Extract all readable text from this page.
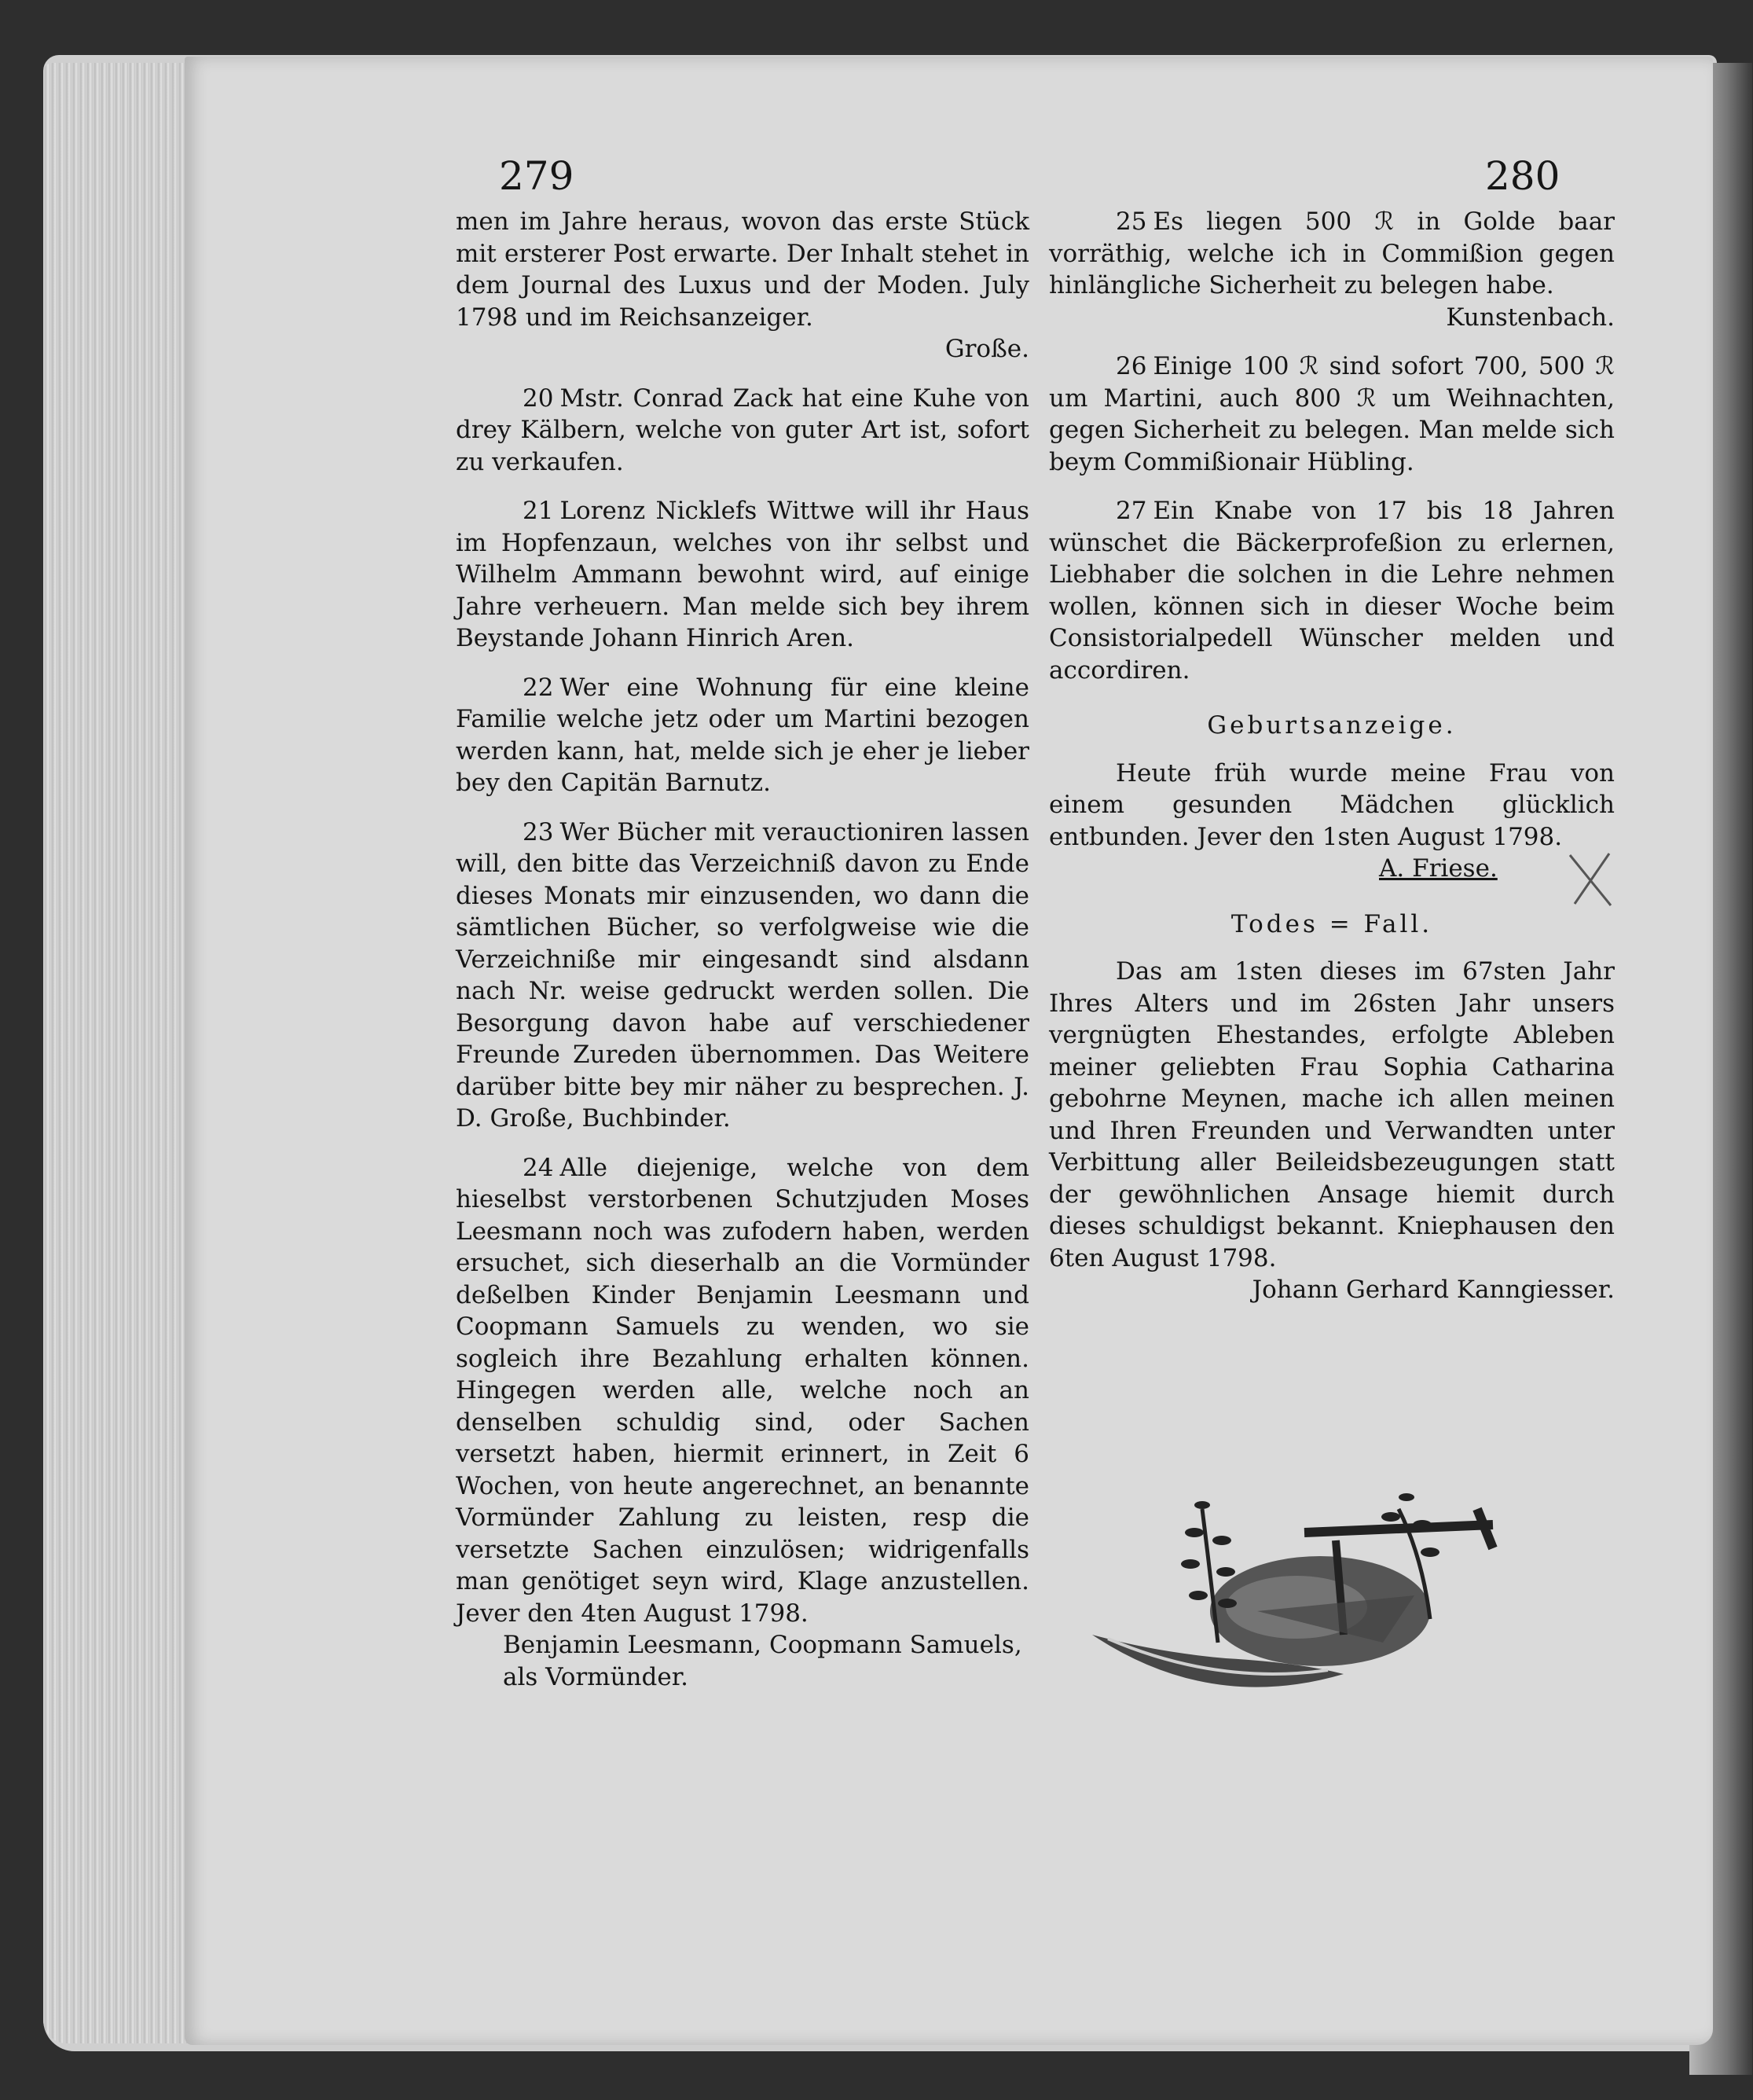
279	280
men im Jahre heraus, wovon das erste Stück mit ersterer Post erwarte. Der Inhalt stehet in dem Journal des Luxus und der Moden. July 1798 und im Reichsanzeiger.
Große.
20 Mstr. Conrad Zack hat eine Kuhe von drey Kälbern, welche von guter Art ist, sofort zu verkaufen.
21 Lorenz Nicklefs Wittwe will ihr Haus im Hopfenzaun, welches von ihr selbst und Wilhelm Ammann bewohnt wird, auf einige Jahre verheuern. Man melde sich bey ihrem Beystande Johann Hinrich Aren.
22 Wer eine Wohnung für eine kleine Familie welche jetz oder um Martini bezogen werden kann, hat, melde sich je eher je lieber bey den Capitän Barnutz.
23 Wer Bücher mit verauctioniren lassen will, den bitte das Verzeichniß davon zu Ende dieses Monats mir einzusenden, wo dann die sämtlichen Bücher, so verfolgweise wie die Verzeichniße mir eingesandt sind alsdann nach Nr. weise gedruckt werden sollen. Die Besorgung davon habe auf verschiedener Freunde Zureden übernommen. Das Weitere darüber bitte bey mir näher zu besprechen. J. D. Große, Buchbinder.
24 Alle diejenige, welche von dem hieselbst verstorbenen Schutzjuden Moses Leesmann noch was zufodern haben, werden ersuchet, sich dieserhalb an die Vormünder deßelben Kinder Benjamin Leesmann und Coopmann Samuels zu wenden, wo sie sogleich ihre Bezahlung erhalten können. Hingegen werden alle, welche noch an denselben schuldig sind, oder Sachen versetzt haben, hiermit erinnert, in Zeit 6 Wochen, von heute angerechnet, an benannte Vormünder Zahlung zu leisten, resp die versetzte Sachen einzulösen; widrigenfalls man genötiget seyn wird, Klage anzustellen. Jever den 4ten August 1798.
Benjamin Leesmann, Coopmann Samuels, als Vormünder.
25 Es liegen 500 ℛ in Golde baar vorräthig, welche ich in Commißion gegen hinlängliche Sicherheit zu belegen habe.
Kunstenbach.
26 Einige 100 ℛ sind sofort 700, 500 ℛ um Martini, auch 800 ℛ um Weihnachten, gegen Sicherheit zu belegen. Man melde sich beym Commißionair Hübling.
27 Ein Knabe von 17 bis 18 Jahren wünschet die Bäckerprofeßion zu erlernen, Liebhaber die solchen in die Lehre nehmen wollen, können sich in dieser Woche beim Consistorialpedell Wünscher melden und accordiren.
Geburtsanzeige.
Heute früh wurde meine Frau von einem gesunden Mädchen glücklich entbunden. Jever den 1sten August 1798.
A. Friese.
Todes = Fall.
Das am 1sten dieses im 67sten Jahr Ihres Alters und im 26sten Jahr unsers vergnügten Ehestandes, erfolgte Ableben meiner geliebten Frau Sophia Catharina gebohrne Meynen, mache ich allen meinen und Ihren Freunden und Verwandten unter Verbittung aller Beileidsbezeugungen statt der gewöhnlichen Ansage hiemit durch dieses schuldigst bekannt. Kniephausen den 6ten August 1798.
Johann Gerhard Kanngiesser.
